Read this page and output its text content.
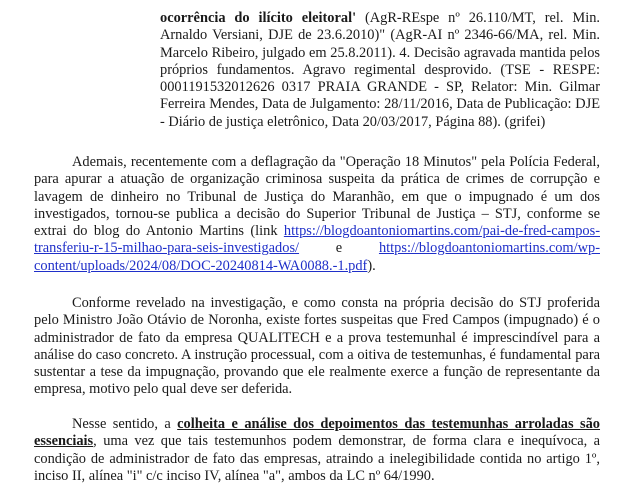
ocorrência do ilícito eleitoral' (AgR-REspe nº 26.110/MT, rel. Min. Arnaldo Versiani, DJE de 23.6.2010)" (AgR-AI nº 2346-66/MA, rel. Min. Marcelo Ribeiro, julgado em 25.8.2011). 4. Decisão agravada mantida pelos próprios fundamentos. Agravo regimental desprovido. (TSE - RESPE: 0001191532012626 0317 PRAIA GRANDE - SP, Relator: Min. Gilmar Ferreira Mendes, Data de Julgamento: 28/11/2016, Data de Publicação: DJE - Diário de justiça eletrônico, Data 20/03/2017, Página 88). (grifei)
Ademais, recentemente com a deflagração da "Operação 18 Minutos" pela Polícia Federal, para apurar a atuação de organização criminosa suspeita da prática de crimes de corrupção e lavagem de dinheiro no Tribunal de Justiça do Maranhão, em que o impugnado é um dos investigados, tornou-se publica a decisão do Superior Tribunal de Justiça – STJ, conforme se extrai do blog do Antonio Martins (link https://blogdoantoniomartins.com/pai-de-fred-campos-transferiu-r-15-milhao-para-seis-investigados/ e https://blogdoantoniomartins.com/wp-content/uploads/2024/08/DOC-20240814-WA0088.-1.pdf).
Conforme revelado na investigação, e como consta na própria decisão do STJ proferida pelo Ministro João Otávio de Noronha, existe fortes suspeitas que Fred Campos (impugnado) é o administrador de fato da empresa QUALITECH e a prova testemunhal é imprescindível para a análise do caso concreto. A instrução processual, com a oitiva de testemunhas, é fundamental para sustentar a tese da impugnação, provando que ele realmente exerce a função de representante da empresa, motivo pelo qual deve ser deferida.
Nesse sentido, a colheita e análise dos depoimentos das testemunhas arroladas são essenciais, uma vez que tais testemunhos podem demonstrar, de forma clara e inequívoca, a condição de administrador de fato das empresas, atraindo a inelegibilidade contida no artigo 1º, inciso II, alínea "i" c/c inciso IV, alínea "a", ambos da LC nº 64/1990.
